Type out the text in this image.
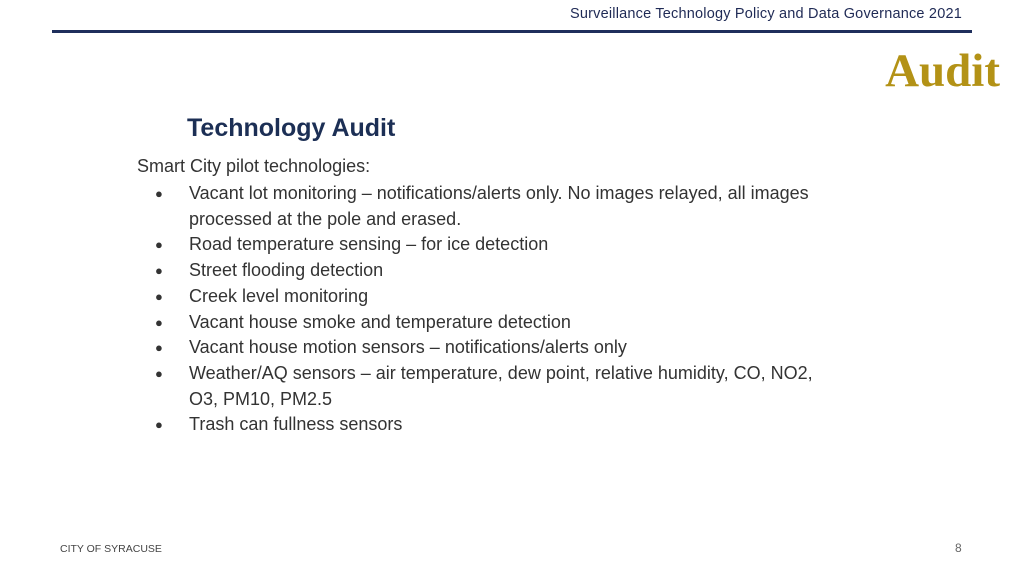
Surveillance Technology Policy and Data Governance 2021
Audit
Technology Audit
Smart City pilot technologies:
● Vacant lot monitoring – notifications/alerts only. No images relayed, all images processed at the pole and erased.
● Road temperature sensing – for ice detection
● Street flooding detection
● Creek level monitoring
● Vacant house smoke and temperature detection
● Vacant house motion sensors – notifications/alerts only
● Weather/AQ sensors – air temperature, dew point, relative humidity, CO, NO2, O3, PM10, PM2.5
● Trash can fullness sensors
CITY OF SYRACUSE	8
